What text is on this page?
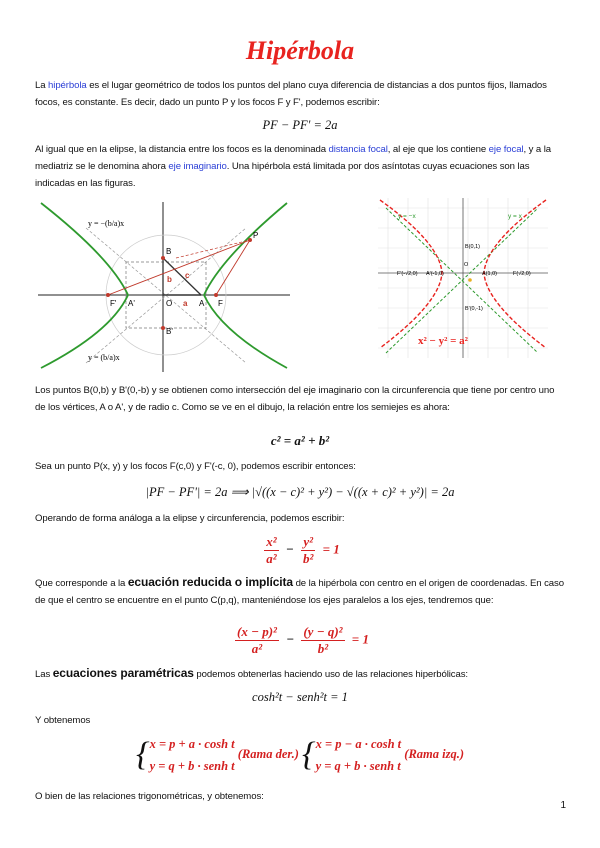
Hipérbola
La hipérbola es el lugar geométrico de todos los puntos del plano cuya diferencia de distancias a dos puntos fijos, llamados focos, es constante. Es decir, dado un punto P y los focos F y F', podemos escribir:
PF − PF' = 2a
Al igual que en la elipse, la distancia entre los focos es la denominada distancia focal, al eje que los contiene eje focal, y a la mediatriz se le denomina ahora eje imaginario. Una hipérbola está limitada por dos asíntotas cuyas ecuaciones son las indicadas en las figuras.
B
O	A F
A'
F'
B'
P
a
b c
y = −(b/a)x
y = (b/a)x
y = −x	y = x
B(0,1)
B'(0,-1)
A(1,0)
A'(-1,0)	F(√2,0)
F'(-√2,0)
O
x² − y² = a²
Los puntos B(0,b) y B'(0,-b) y se obtienen como intersección del eje imaginario con la circunferencia que tiene por centro uno de los vértices, A o A', y de radio c. Como se ve en el dibujo, la relación entre los semiejes es ahora:
c² = a² + b²
Sea un punto P(x, y) y los focos F(c,0) y F'(-c, 0), podemos escribir entonces:
|PF − PF'| = 2a ⟹ |√((x − c)² + y²) − √((x + c)² + y²)| = 2a
Operando de forma análoga a la elipse y circunferencia, podemos escribir:
$\frac{\text{x²}}{\text{a²}} - \frac{\text{y²}}{\text{b²}} = 1$
Que corresponde a la ecuación reducida o implícita de la hipérbola con centro en el origen de coordenadas. En caso de que el centro se encuentre en el punto C(p,q), manteniéndose los ejes paralelos a los ejes, tendremos que:
$\frac{\text{(x − p)²}}{\text{a²}} - \frac{\text{(y − q)²}}{\text{b²}} = 1$
Las ecuaciones paramétricas podemos obtenerlas haciendo uso de las relaciones hiperbólicas:
cosh²t − senh²t = 1
Y obtenemos
{x = p + a · cosh t
y = q + b · senh t (Rama der.) {x = p − a · cosh t
y = q + b · senh t (Rama izq.)
O bien de las relaciones trigonométricas, y obtenemos:
1
